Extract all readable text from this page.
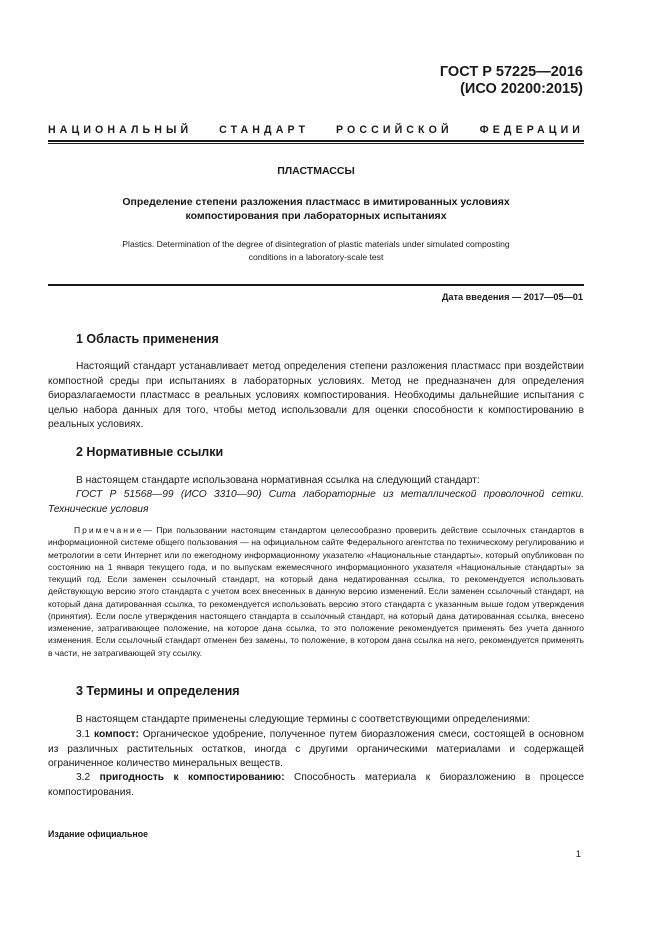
ГОСТ Р 57225—2016
(ИСО 20200:2015)
НАЦИОНАЛЬНЫЙ СТАНДАРТ РОССИЙСКОЙ ФЕДЕРАЦИИ
ПЛАСТМАССЫ
Определение степени разложения пластмасс в имитированных условиях
компостирования при лабораторных испытаниях
Plastics. Determination of the degree of disintegration of plastic materials under simulated composting
conditions in a laboratory-scale test
Дата введения — 2017—05—01
1 Область применения
Настоящий стандарт устанавливает метод определения степени разложения пластмасс при воздействии компостной среды при испытаниях в лабораторных условиях. Метод не предназначен для определения биоразлагаемости пластмасс в реальных условиях компостирования. Необходимы дальнейшие испытания с целью набора данных для того, чтобы метод использовали для оценки способности к компостированию в реальных условиях.
2 Нормативные ссылки
В настоящем стандарте использована нормативная ссылка на следующий стандарт:
ГОСТ Р 51568—99 (ИСО 3310—90) Сита лабораторные из металлической проволочной сетки. Технические условия
Примечание— При пользовании настоящим стандартом целесообразно проверить действие ссылочных стандартов в информационной системе общего пользования — на официальном сайте Федерального агентства по техническому регулированию и метрологии в сети Интернет или по ежегодному информационному указателю «Национальные стандарты», который опубликован по состоянию на 1 января текущего года, и по выпускам ежемесячного информационного указателя «Национальные стандарты» за текущий год. Если заменен ссылочный стандарт, на который дана недатированная ссылка, то рекомендуется использовать действующую версию этого стандарта с учетом всех внесенных в данную версию изменений. Если заменен ссылочный стандарт, на который дана датированная ссылка, то рекомендуется использовать версию этого стандарта с указанным выше годом утверждения (принятия). Если после утверждения настоящего стандарта в ссылочный стандарт, на который дана датированная ссылка, внесено изменение, затрагивающее положение, на которое дана ссылка, то это положение рекомендуется применять без учета данного изменения. Если ссылочный стандарт отменен без замены, то положение, в котором дана ссылка на него, рекомендуется применять в части, не затрагивающей эту ссылку.
3 Термины и определения
В настоящем стандарте применены следующие термины с соответствующими определениями:
3.1 компост: Органическое удобрение, полученное путем биоразложения смеси, состоящей в основном из различных растительных остатков, иногда с другими органическими материалами и содержащей ограниченное количество минеральных веществ.
3.2 пригодность к компостированию: Способность материала к биоразложению в процессе компостирования.
Издание официальное
1
